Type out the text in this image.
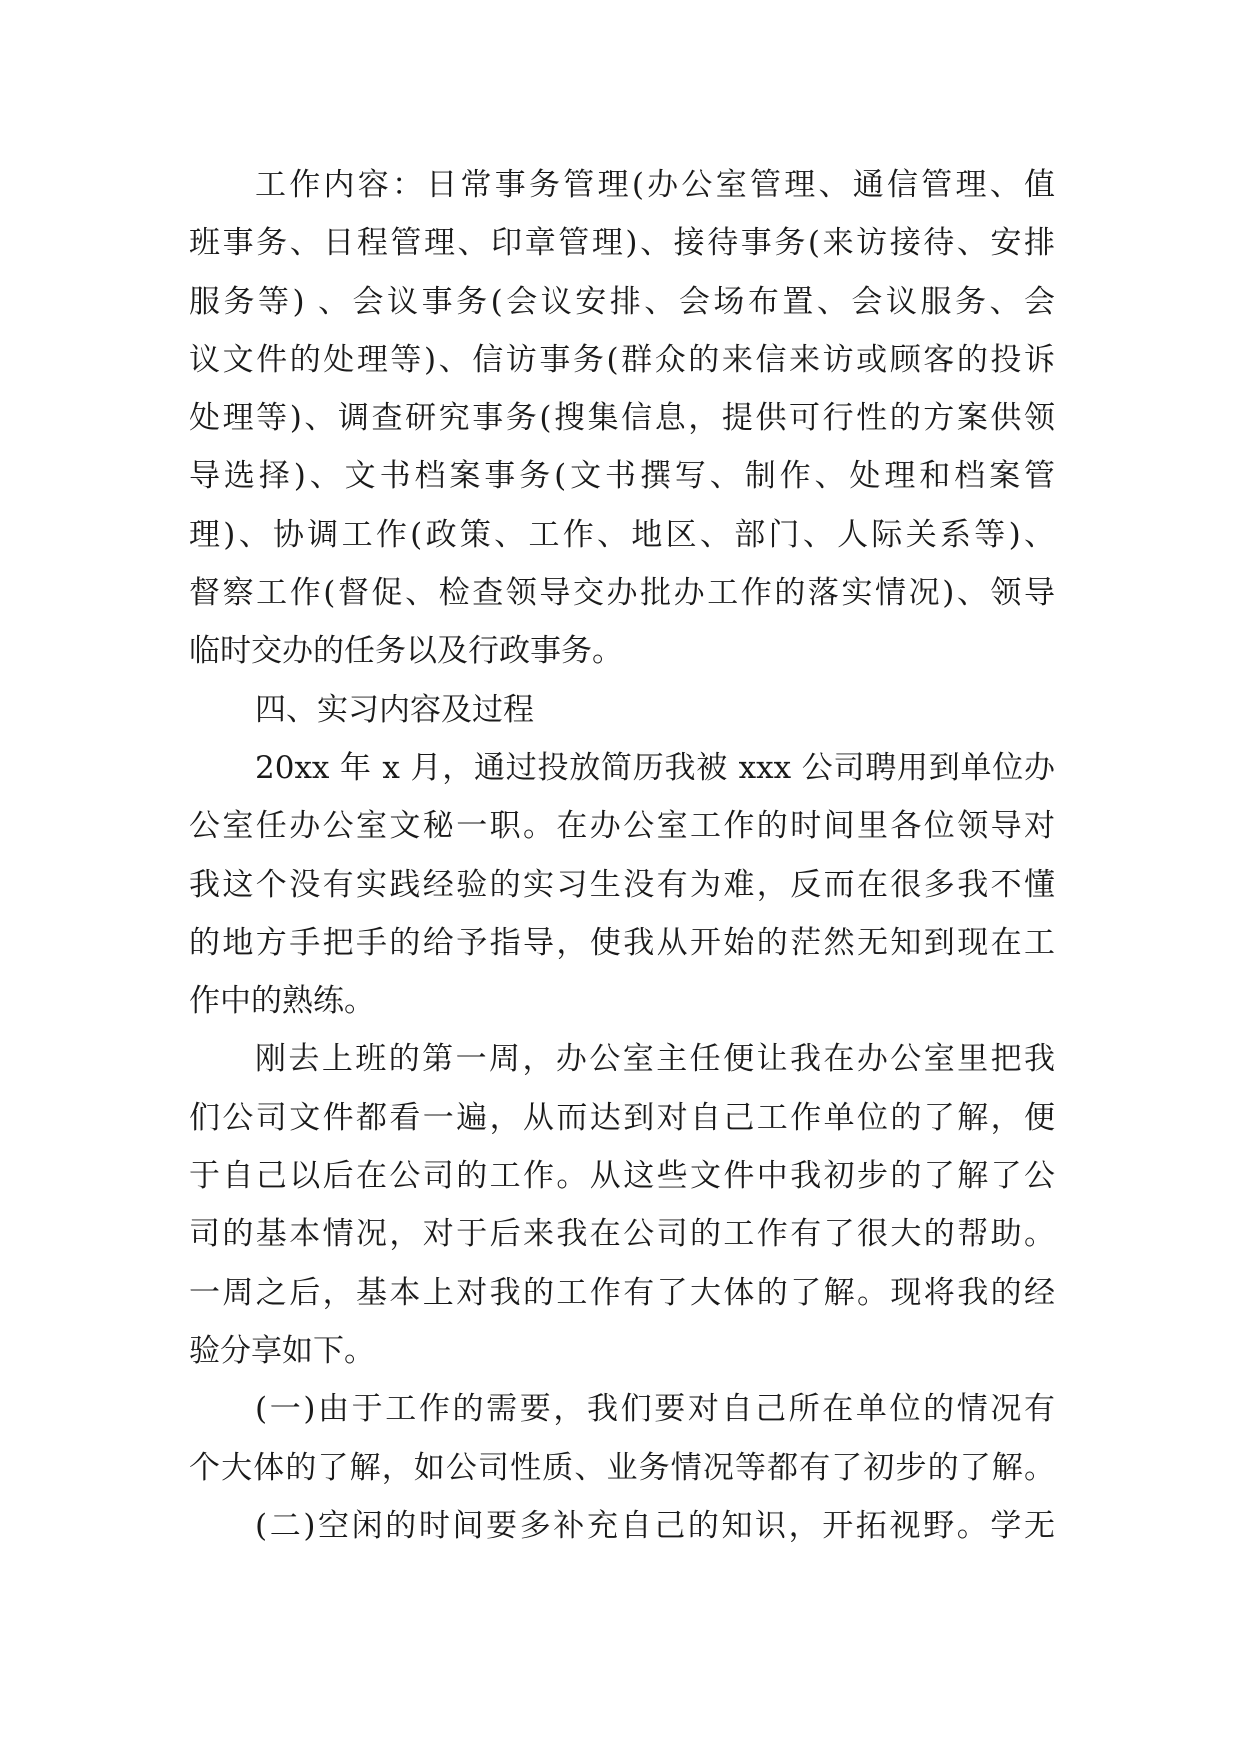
工作内容：日常事务管理(办公室管理、通信管理、值
班事务、日程管理、印章管理)、接待事务(来访接待、安排
服务等) 、会议事务(会议安排、会场布置、会议服务、会
议文件的处理等)、信访事务(群众的来信来访或顾客的投诉
处理等)、调查研究事务(搜集信息，提供可行性的方案供领
导选择)、文书档案事务(文书撰写、制作、处理和档案管
理)、协调工作(政策、工作、地区、部门、人际关系等)、
督察工作(督促、检查领导交办批办工作的落实情况)、领导
临时交办的任务以及行政事务。
四、实习内容及过程
20xx 年 x 月，通过投放简历我被 xxx 公司聘用到单位办
公室任办公室文秘一职。在办公室工作的时间里各位领导对
我这个没有实践经验的实习生没有为难，反而在很多我不懂
的地方手把手的给予指导，使我从开始的茫然无知到现在工
作中的熟练。
刚去上班的第一周，办公室主任便让我在办公室里把我
们公司文件都看一遍，从而达到对自己工作单位的了解，便
于自己以后在公司的工作。从这些文件中我初步的了解了公
司的基本情况，对于后来我在公司的工作有了很大的帮助。
一周之后，基本上对我的工作有了大体的了解。现将我的经
验分享如下。
(一)由于工作的需要，我们要对自己所在单位的情况有
个大体的了解，如公司性质、业务情况等都有了初步的了解。
(二)空闲的时间要多补充自己的知识，开拓视野。学无
